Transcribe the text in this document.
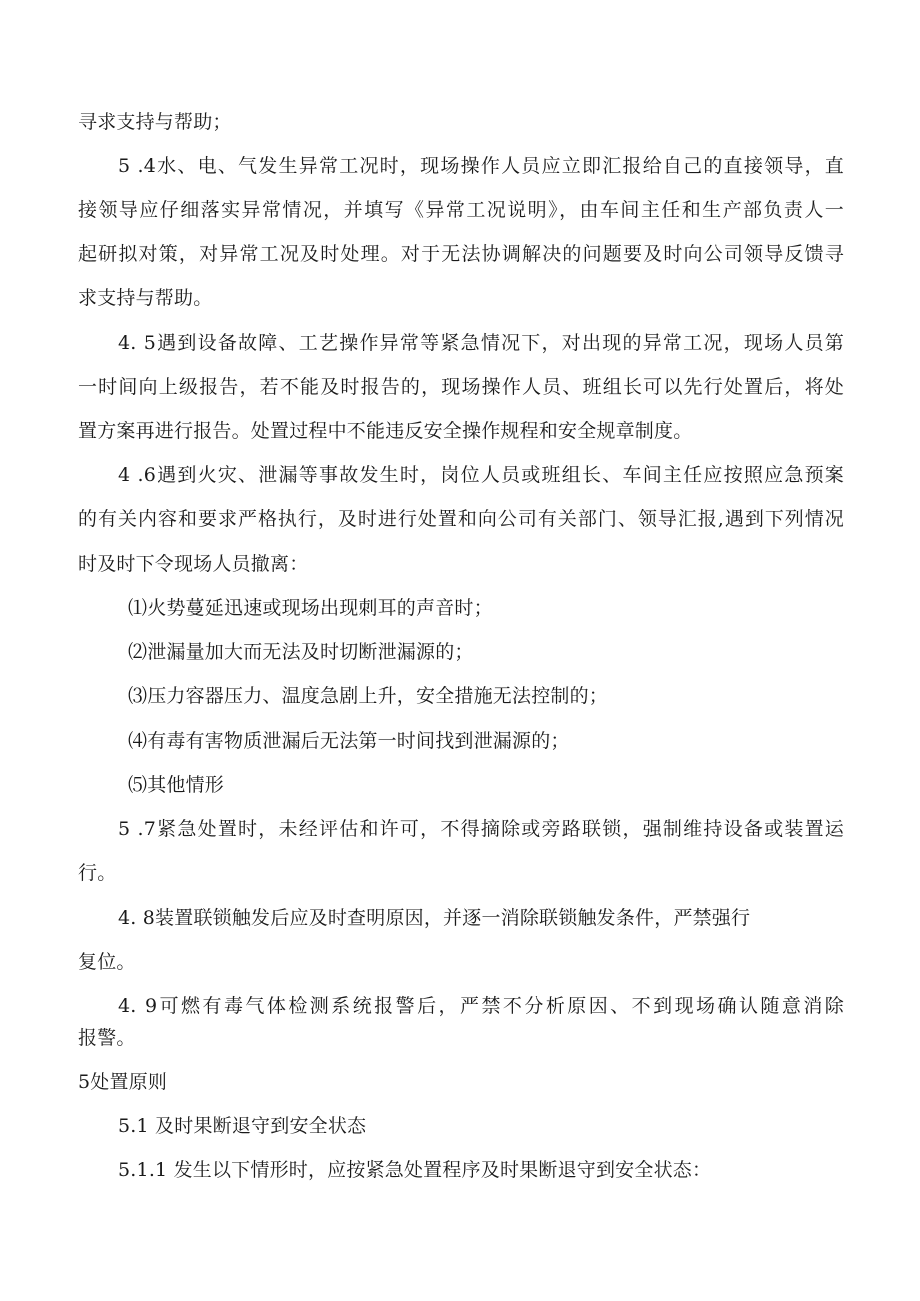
寻求支持与帮助；
5 .4水、电、气发生异常工况时，现场操作人员应立即汇报给自己的直接领导，直
接领导应仔细落实异常情况，并填写《异常工况说明》，由车间主任和生产部负责人一
起研拟对策，对异常工况及时处理。对于无法协调解决的问题要及时向公司领导反馈寻
求支持与帮助。
4. 5遇到设备故障、工艺操作异常等紧急情况下，对出现的异常工况，现场人员第
一时间向上级报告，若不能及时报告的，现场操作人员、班组长可以先行处置后，将处
置方案再进行报告。处置过程中不能违反安全操作规程和安全规章制度。
4 .6遇到火灾、泄漏等事故发生时，岗位人员或班组长、车间主任应按照应急预案
的有关内容和要求严格执行，及时进行处置和向公司有关部门、领导汇报,遇到下列情况
时及时下令现场人员撤离：
⑴火势蔓延迅速或现场出现刺耳的声音时；
⑵泄漏量加大而无法及时切断泄漏源的；
⑶压力容器压力、温度急剧上升，安全措施无法控制的；
⑷有毒有害物质泄漏后无法第一时间找到泄漏源的；
⑸其他情形
5 .7紧急处置时，未经评估和许可，不得摘除或旁路联锁，强制维持设备或装置运
行。
4. 8装置联锁触发后应及时查明原因，并逐一消除联锁触发条件，严禁强行
复位。
4. 9可燃有毒气体检测系统报警后，严禁不分析原因、不到现场确认随意消除
报警。
5处置原则
5.1 及时果断退守到安全状态
5.1.1 发生以下情形时，应按紧急处置程序及时果断退守到安全状态：
